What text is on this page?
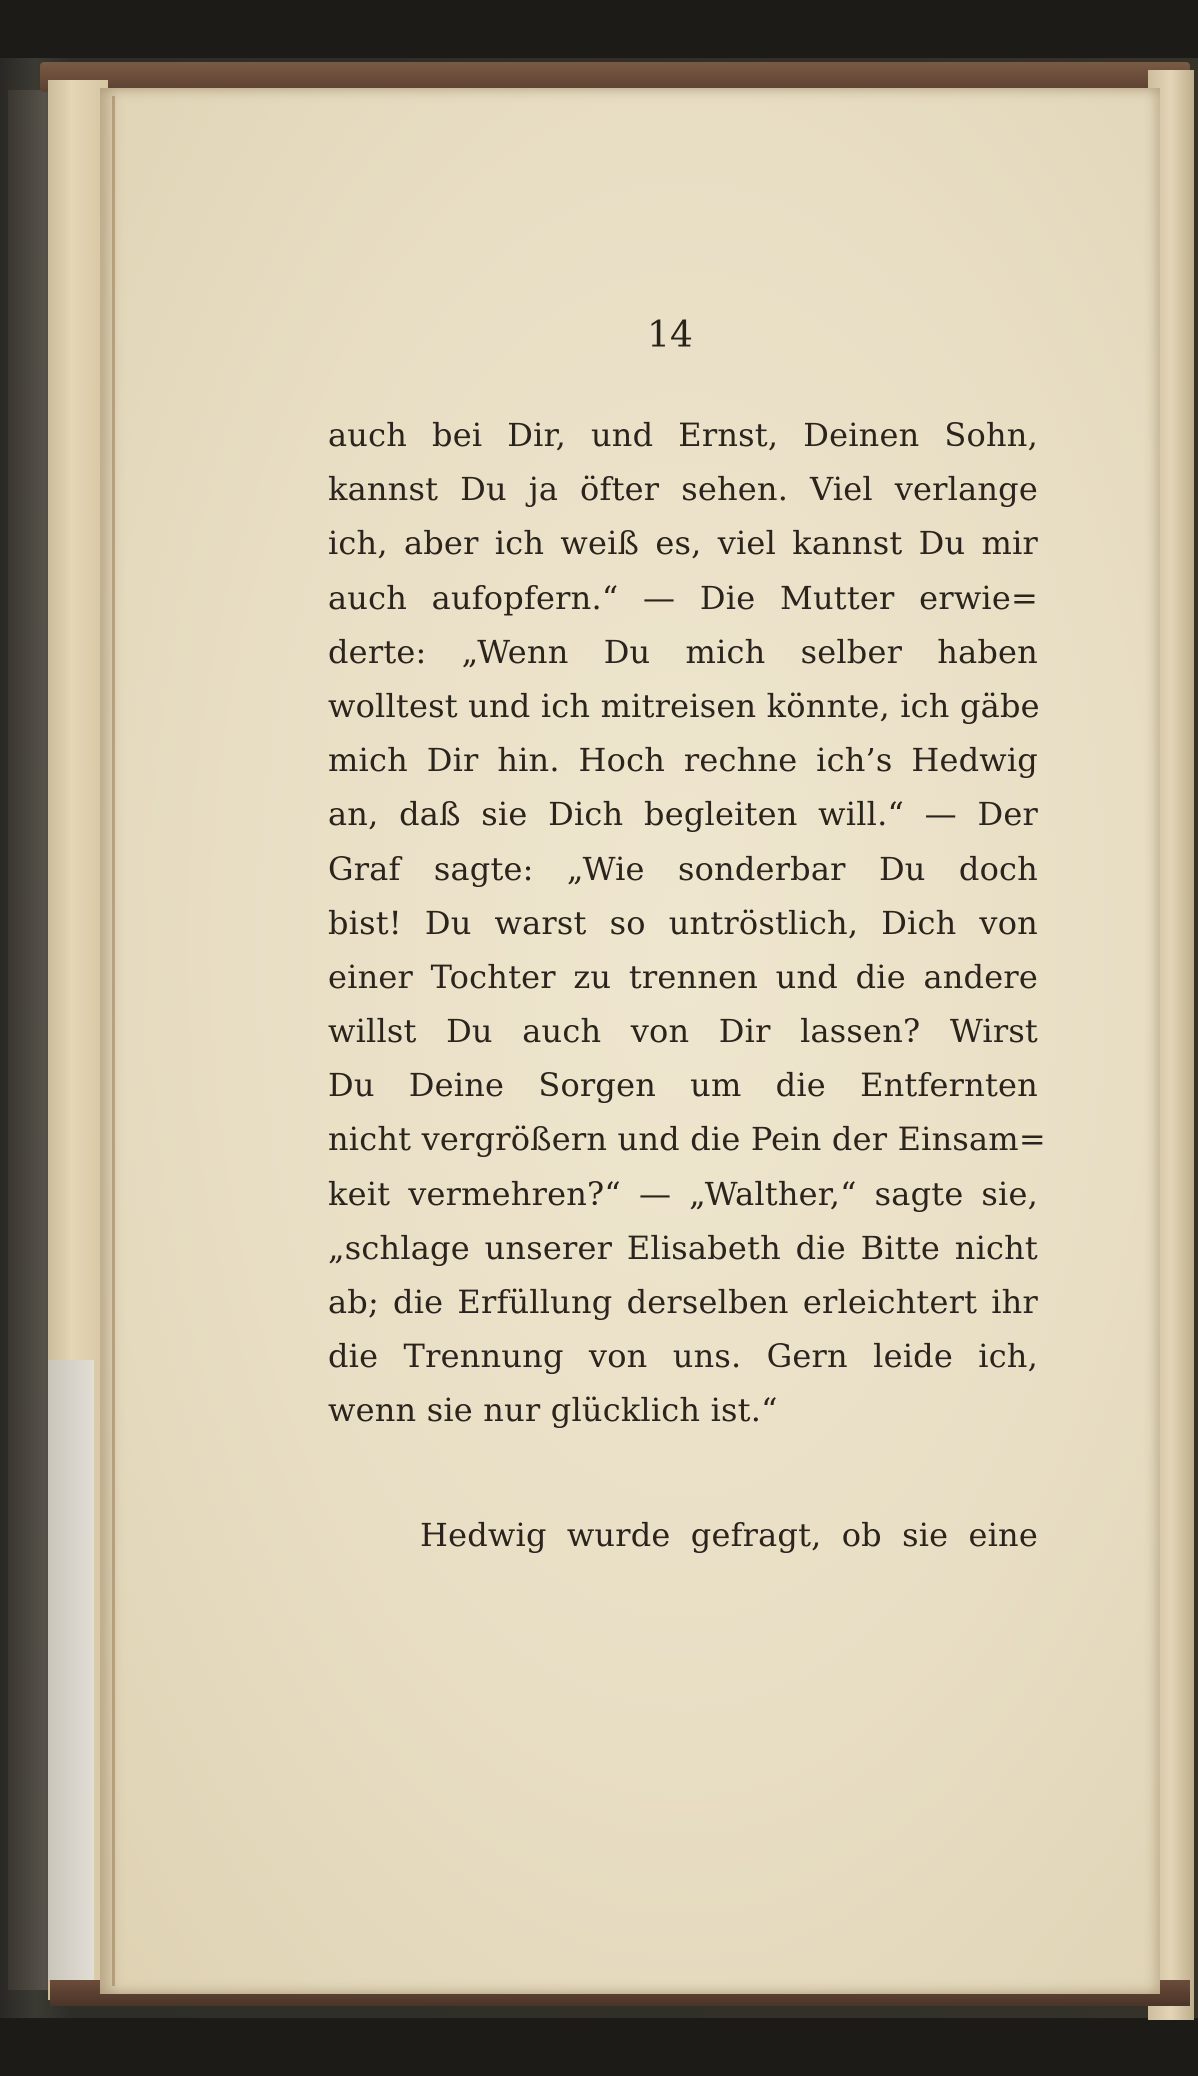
14
auch bei Dir, und Ernst, Deinen Sohn,
kannst Du ja öfter sehen. Viel verlange
ich, aber ich weiß es, viel kannst Du mir
auch aufopfern.“ — Die Mutter erwie=
derte: „Wenn Du mich selber haben
wolltest und ich mitreisen könnte, ich gäbe
mich Dir hin. Hoch rechne ich’s Hedwig
an, daß sie Dich begleiten will.“ — Der
Graf sagte: „Wie sonderbar Du doch
bist! Du warst so untröstlich, Dich von
einer Tochter zu trennen und die andere
willst Du auch von Dir lassen? Wirst
Du Deine Sorgen um die Entfernten
nicht vergrößern und die Pein der Einsam=
keit vermehren?“ — „Walther,“ sagte sie,
„schlage unserer Elisabeth die Bitte nicht
ab; die Erfüllung derselben erleichtert ihr
die Trennung von uns. Gern leide ich,
wenn sie nur glücklich ist.“
Hedwig wurde gefragt, ob sie eine
